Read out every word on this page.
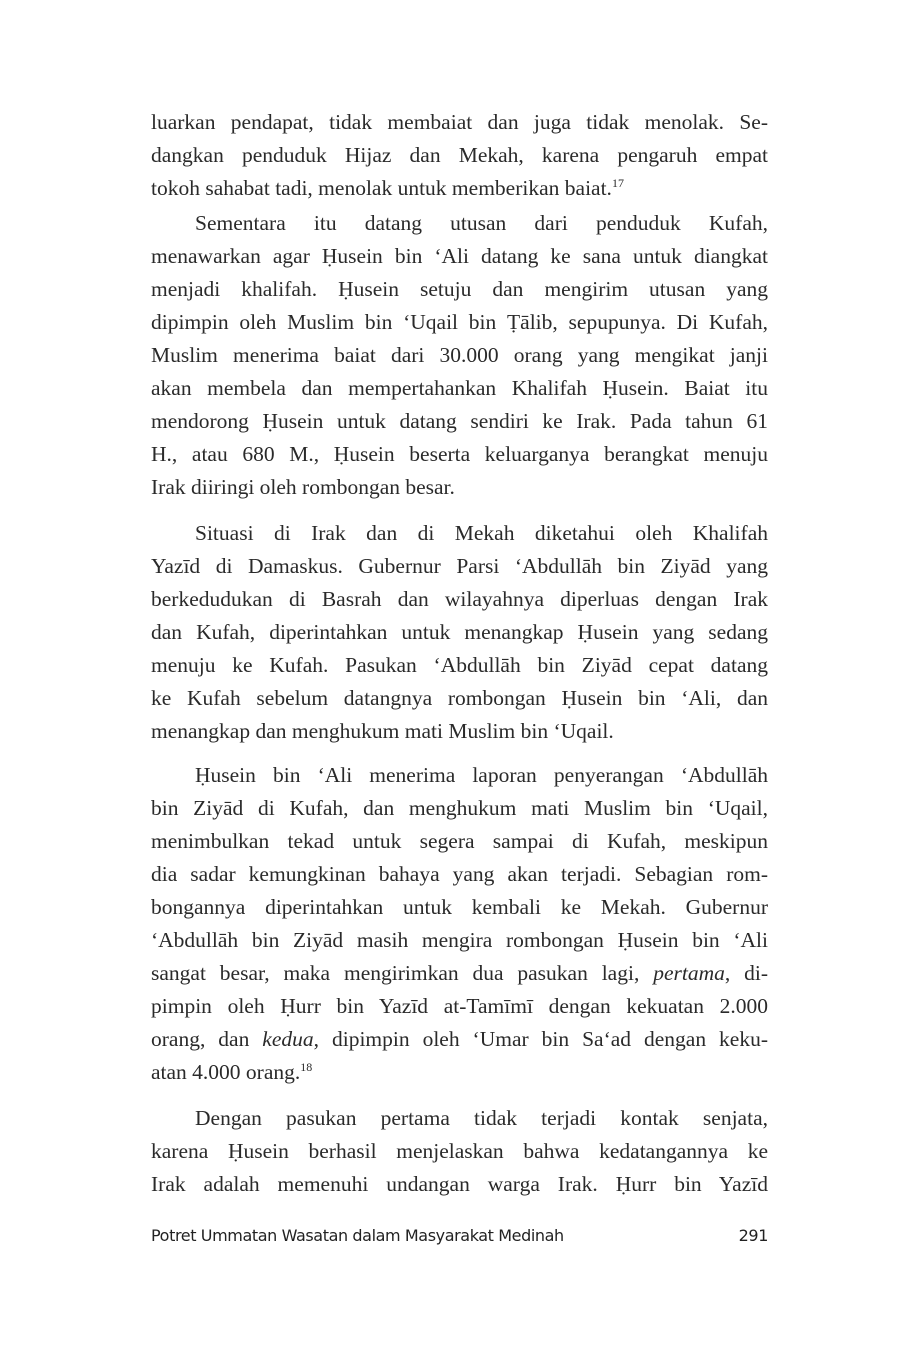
luarkan pendapat, tidak membaiat dan juga tidak menolak. Se-
dangkan penduduk Hijaz dan Mekah, karena pengaruh empat
tokoh sahabat tadi, menolak untuk memberikan baiat.$^{17}$
Sementara itu datang utusan dari penduduk Kufah,
menawarkan agar Ḥusein bin ‘Ali datang ke sana untuk diangkat
menjadi khalifah. Ḥusein setuju dan mengirim utusan yang
dipimpin oleh Muslim bin ‘Uqail bin Ṭālib, sepupunya. Di Kufah,
Muslim menerima baiat dari 30.000 orang yang mengikat janji
akan membela dan mempertahankan Khalifah Ḥusein. Baiat itu
mendorong Ḥusein untuk datang sendiri ke Irak. Pada tahun 61
H., atau 680 M., Ḥusein beserta keluarganya berangkat menuju
Irak diiringi oleh rombongan besar.
Situasi di Irak dan di Mekah diketahui oleh Khalifah
Yazīd di Damaskus. Gubernur Parsi ‘Abdullāh bin Ziyād yang
berkedudukan di Basrah dan wilayahnya diperluas dengan Irak
dan Kufah, diperintahkan untuk menangkap Ḥusein yang sedang
menuju ke Kufah. Pasukan ‘Abdullāh bin Ziyād cepat datang
ke Kufah sebelum datangnya rombongan Ḥusein bin ‘Ali, dan
menangkap dan menghukum mati Muslim bin ‘Uqail.
Ḥusein bin ‘Ali menerima laporan penyerangan ‘Abdullāh
bin Ziyād di Kufah, dan menghukum mati Muslim bin ‘Uqail,
menimbulkan tekad untuk segera sampai di Kufah, meskipun
dia sadar kemungkinan bahaya yang akan terjadi. Sebagian rom-
bongannya diperintahkan untuk kembali ke Mekah. Gubernur
‘Abdullāh bin Ziyād masih mengira rombongan Ḥusein bin ‘Ali
sangat besar, maka mengirimkan dua pasukan lagi, pertama, di-
pimpin oleh Ḥurr bin Yazīd at-Tamīmī dengan kekuatan 2.000
orang, dan kedua, dipimpin oleh ‘Umar bin Sa‘ad dengan keku-
atan 4.000 orang.$^{18}$
Dengan pasukan pertama tidak terjadi kontak senjata,
karena Ḥusein berhasil menjelaskan bahwa kedatangannya ke
Irak adalah memenuhi undangan warga Irak. Ḥurr bin Yazīd
Potret Ummatan Wasatan dalam Masyarakat Medinah	291
